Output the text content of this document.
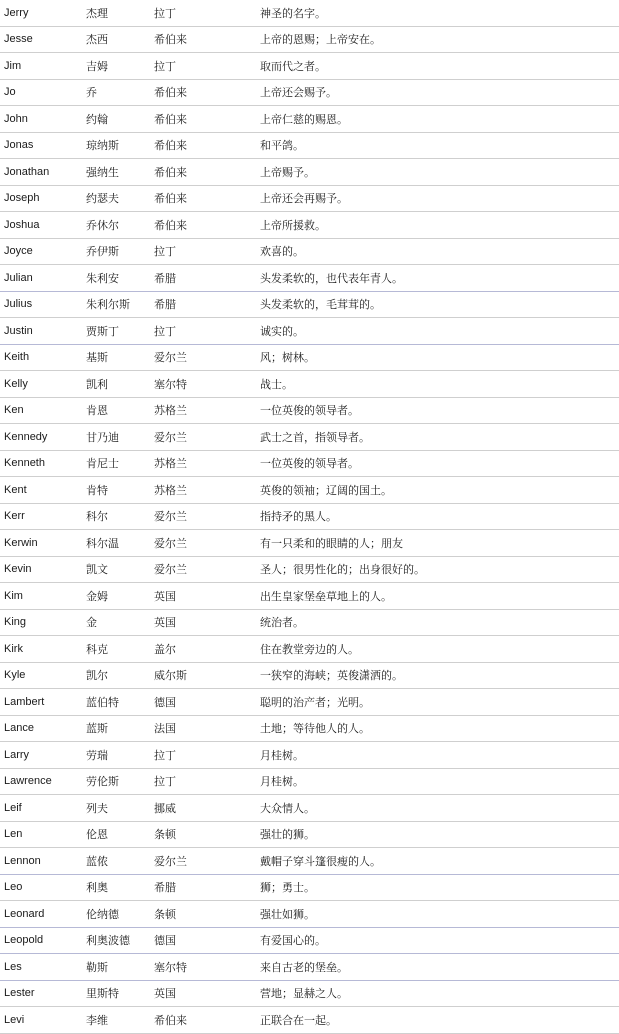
Jerry	杰理	拉丁	神圣的名字。
Jesse	杰西	希伯来	上帝的恩赐；上帝安在。
Jim	吉姆	拉丁	取而代之者。
Jo	乔	希伯来	上帝还会赐予。
John	约翰	希伯来	上帝仁慈的赐恩。
Jonas	琼纳斯	希伯来	和平鸽。
Jonathan	强纳生	希伯来	上帝赐予。
Joseph	约瑟夫	希伯来	上帝还会再赐予。
Joshua	乔休尔	希伯来	上帝所援救。
Joyce	乔伊斯	拉丁	欢喜的。
Julian	朱利安	希腊	头发柔软的，也代表年青人。
Julius	朱利尔斯	希腊	头发柔软的，毛茸茸的。
Justin	贾斯丁	拉丁	诚实的。
Keith	基斯	爱尔兰	风；树林。
Kelly	凯利	塞尔特	战士。
Ken	肯恩	苏格兰	一位英俊的领导者。
Kennedy	甘乃迪	爱尔兰	武士之首，指领导者。
Kenneth	肯尼士	苏格兰	一位英俊的领导者。
Kent	肯特	苏格兰	英俊的领袖；辽阔的国土。
Kerr	科尔	爱尔兰	指持矛的黑人。
Kerwin	科尔温	爱尔兰	有一只柔和的眼睛的人；朋友
Kevin	凯文	爱尔兰	圣人；很男性化的；出身很好的。
Kim	金姆	英国	出生皇家堡垒草地上的人。
King	金	英国	统治者。
Kirk	科克	盖尔	住在教堂旁边的人。
Kyle	凯尔	威尔斯	一狭窄的海峡；英俊潇洒的。
Lambert	蓝伯特	德国	聪明的治产者；光明。
Lance	蓝斯	法国	土地；等待他人的人。
Larry	劳瑞	拉丁	月桂树。
Lawrence	劳伦斯	拉丁	月桂树。
Leif	列夫	挪威	大众情人。
Len	伦恩	条顿	强壮的狮。
Lennon	蓝侬	爱尔兰	戴帽子穿斗篷很瘦的人。
Leo	利奥	希腊	狮；勇士。
Leonard	伦纳德	条顿	强壮如狮。
Leopold	利奥波德	德国	有爱国心的。
Les	勒斯	塞尔特	来自古老的堡垒。
Lester	里斯特	英国	营地；显赫之人。
Levi	李维	希伯来	正联合在一起。
